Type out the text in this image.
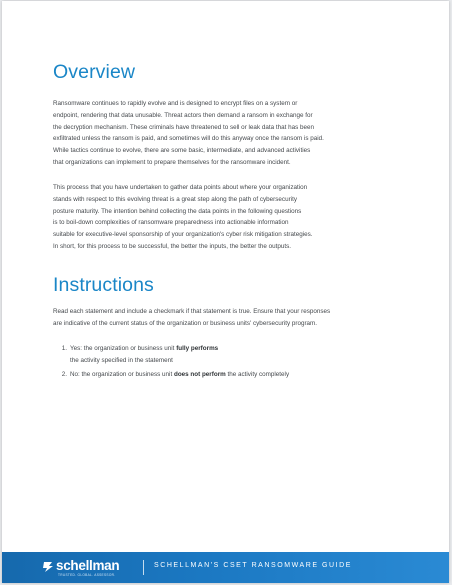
Overview
Ransomware continues to rapidly evolve and is designed to encrypt files on a system or
endpoint, rendering that data unusable. Threat actors then demand a ransom in exchange for
the decryption mechanism. These criminals have threatened to sell or leak data that has been
exfiltrated unless the ransom is paid, and sometimes will do this anyway once the ransom is paid.
While tactics continue to evolve, there are some basic, intermediate, and advanced activities
that organizations can implement to prepare themselves for the ransomware incident.
This process that you have undertaken to gather data points about where your organization
stands with respect to this evolving threat is a great step along the path of cybersecurity
posture maturity. The intention behind collecting the data points in the following questions
is to boil-down complexities of ransomware preparedness into actionable information
suitable for executive-level sponsorship of your organization's cyber risk mitigation strategies.
In short, for this process to be successful, the better the inputs, the better the outputs.
Instructions
Read each statement and include a checkmark if that statement is true. Ensure that your responses
are indicative of the current status of the organization or business units' cybersecurity program.
1. Yes: the organization or business unit fully performs
the activity specified in the statement
2. No: the organization or business unit does not perform the activity completely
schellman
TRUSTED. GLOBAL. ASSESSOR.
SCHELLMAN'S CSET RANSOMWARE GUIDE
